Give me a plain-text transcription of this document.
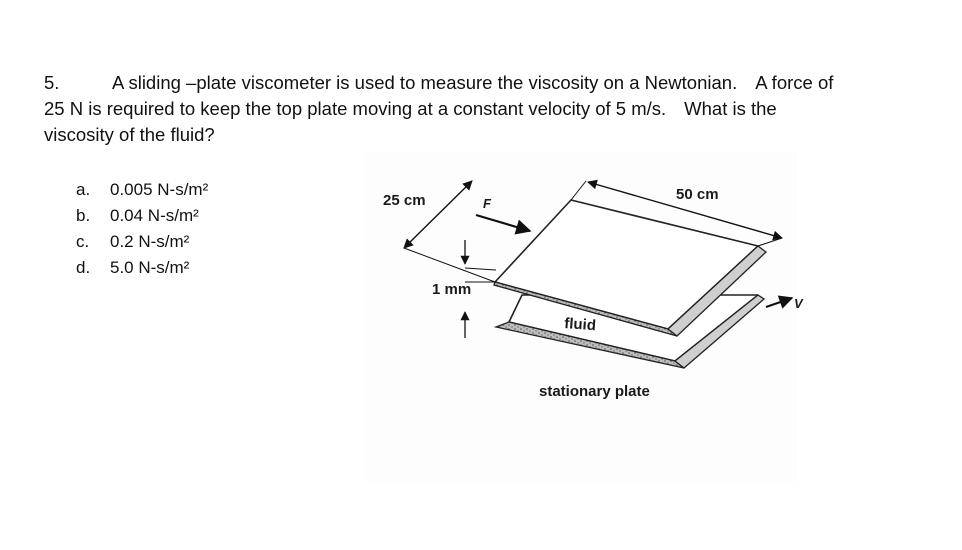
5.	A sliding –plate viscometer is used to measure the viscosity on a Newtonian. A force of
25 N is required to keep the top plate moving at a constant velocity of 5 m/s. What is the
viscosity of the fluid?
a. 0.005 N-s/m²
b. 0.04 N-s/m²
c. 0.2 N-s/m²
d. 5.0 N-s/m²
25 cm	50 cm
F
1 mm
fluid
V
stationary plate
